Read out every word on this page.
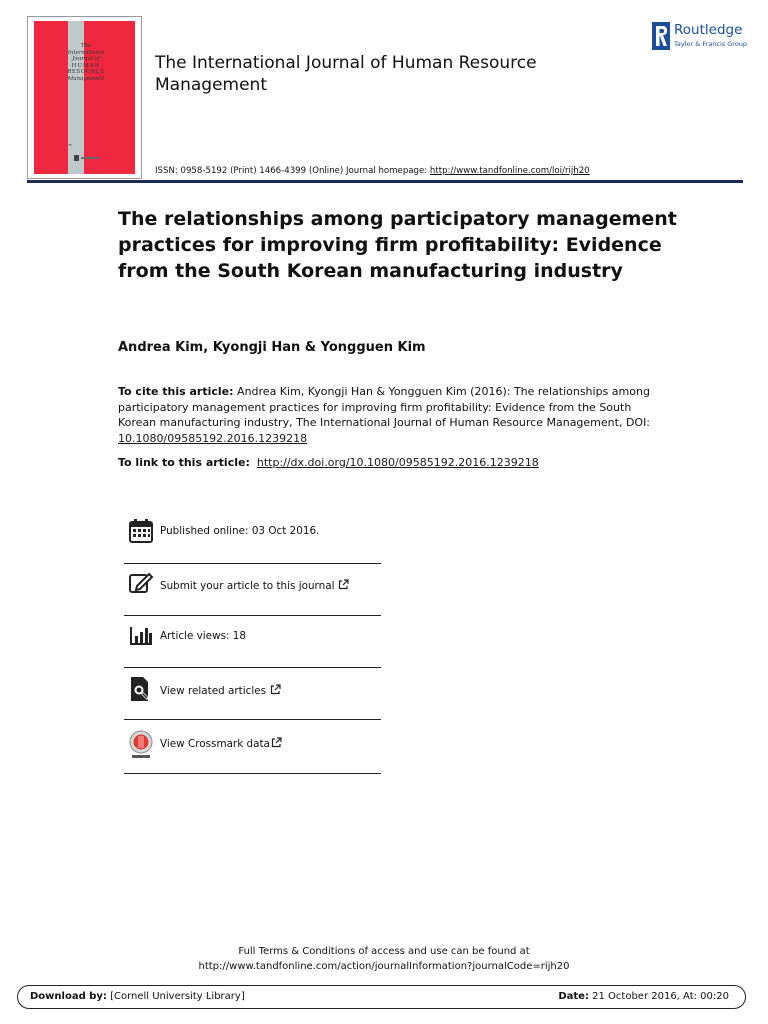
The
International
Journal of
HUMAN
RESOURCE
Management
·
·
·
▬
·
The International Journal of Human Resource Management
Routledge
Taylor & Francis Group
ISSN: 0958-5192 (Print) 1466-4399 (Online) Journal homepage: http://www.tandfonline.com/loi/rijh20
The relationships among participatory management practices for improving firm profitability: Evidence from the South Korean manufacturing industry
Andrea Kim, Kyongji Han & Yongguen Kim
To cite this article: Andrea Kim, Kyongji Han & Yongguen Kim (2016): The relationships among participatory management practices for improving firm profitability: Evidence from the South Korean manufacturing industry, The International Journal of Human Resource Management, DOI: 10.1080/09585192.2016.1239218
To link to this article: http://dx.doi.org/10.1080/09585192.2016.1239218
Published online: 03 Oct 2016.
Submit your article to this journal
Article views: 18
View related articles
View Crossmark data
Full Terms & Conditions of access and use can be found at
http://www.tandfonline.com/action/journalInformation?journalCode=rijh20
Download by: [Cornell University Library]	Date: 21 October 2016, At: 00:20
